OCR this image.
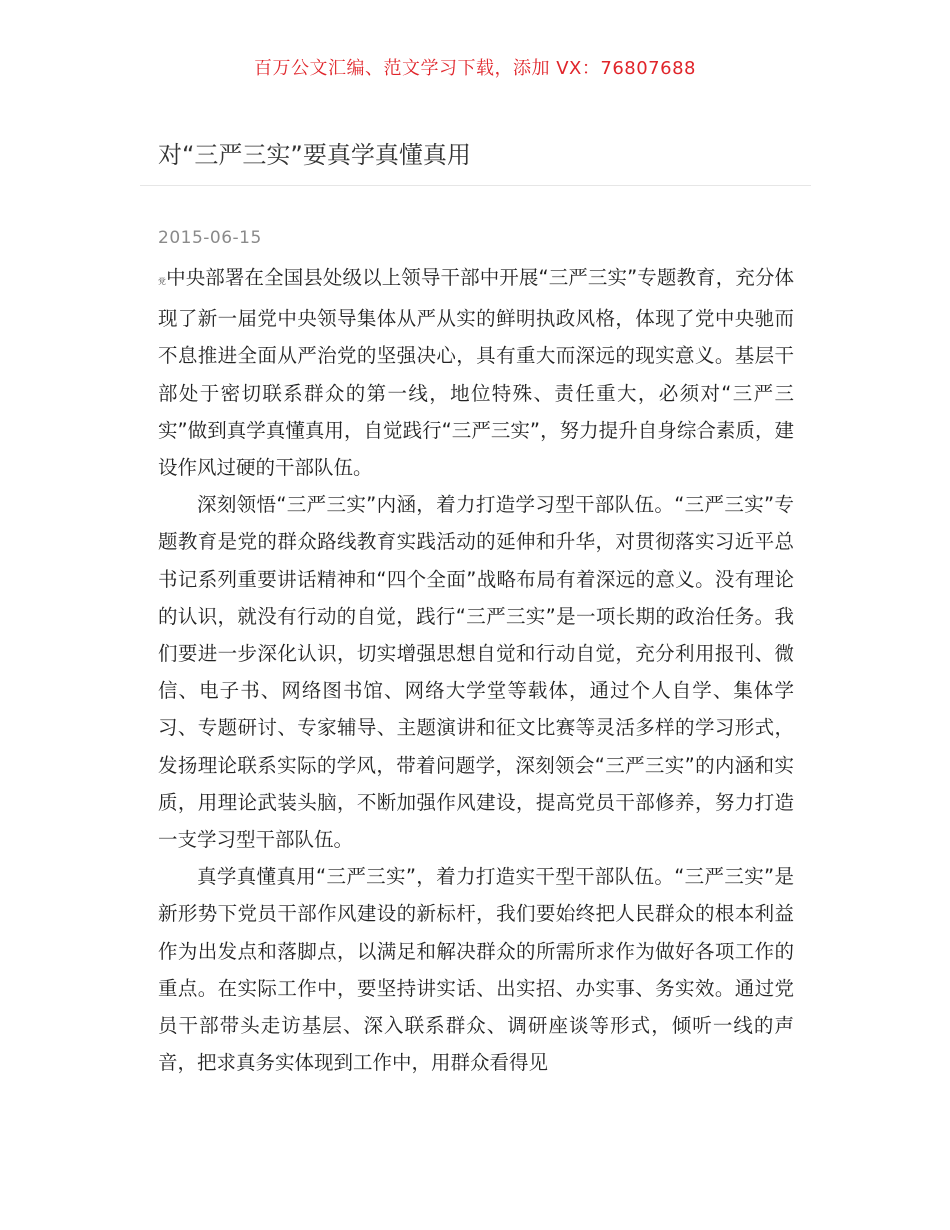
百万公文汇编、范文学习下载，添加 VX：76807688
对“三严三实”要真学真懂真用
2015-06-15

党中央部署在全国县处级以上领导干部中开展“三严三实”专题教育，充分体现了新一届党中央领导集体从严从实的鲜明执政风格，体现了党中央驰而不息推进全面从严治党的坚强决心，具有重大而深远的现实意义。基层干部处于密切联系群众的第一线，地位特殊、责任重大，必须对“三严三实”做到真学真懂真用，自觉践行“三严三实”，努力提升自身综合素质，建设作风过硬的干部队伍。

深刻领悟“三严三实”内涵，着力打造学习型干部队伍。“三严三实”专题教育是党的群众路线教育实践活动的延伸和升华，对贯彻落实习近平总书记系列重要讲话精神和“四个全面”战略布局有着深远的意义。没有理论的认识，就没有行动的自觉，践行“三严三实”是一项长期的政治任务。我们要进一步深化认识，切实增强思想自觉和行动自觉，充分利用报刊、微信、电子书、网络图书馆、网络大学堂等载体，通过个人自学、集体学习、专题研讨、专家辅导、主题演讲和征文比赛等灵活多样的学习形式，发扬理论联系实际的学风，带着问题学，深刻领会“三严三实”的内涵和实质，用理论武装头脑，不断加强作风建设，提高党员干部修养，努力打造一支学习型干部队伍。

真学真懂真用“三严三实”，着力打造实干型干部队伍。“三严三实”是新形势下党员干部作风建设的新标杆，我们要始终把人民群众的根本利益作为出发点和落脚点，以满足和解决群众的所需所求作为做好各项工作的重点。在实际工作中，要坚持讲实话、出实招、办实事、务实效。通过党员干部带头走访基层、深入联系群众、调研座谈等形式，倾听一线的声音，把求真务实体现到工作中，用群众看得见
